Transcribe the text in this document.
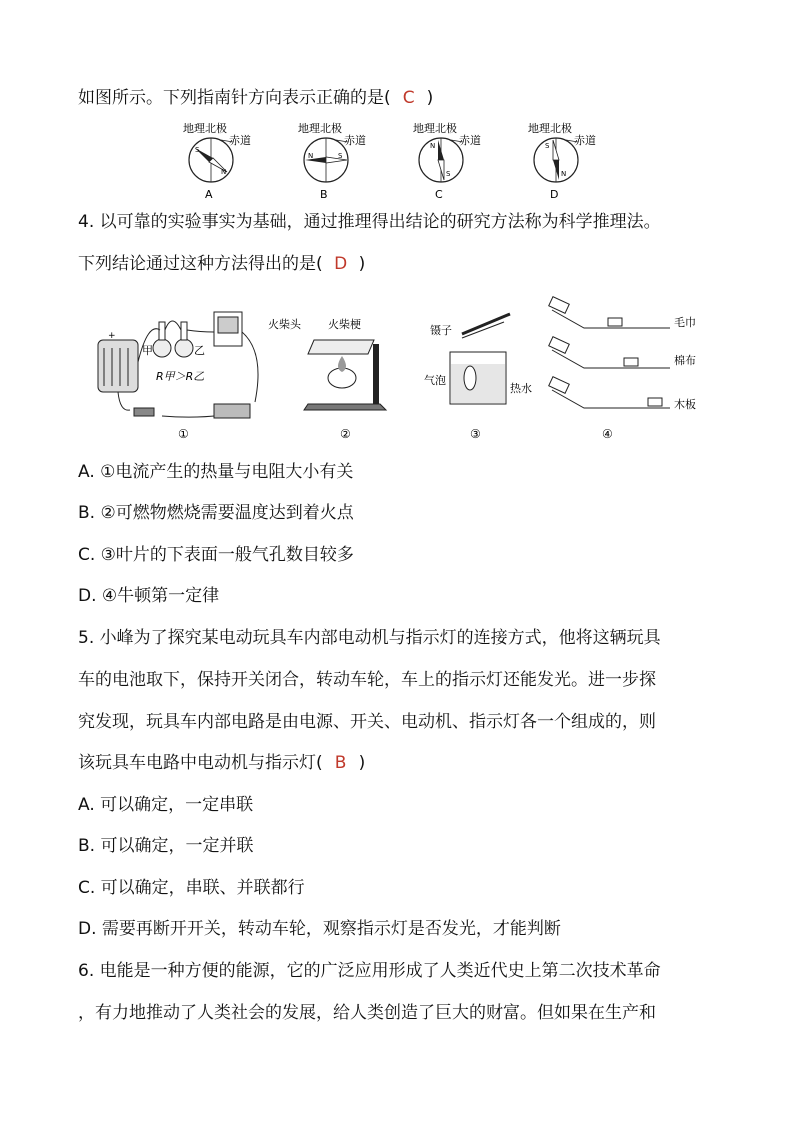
如图所示。下列指南针方向表示正确的是( C )
地理北极
赤道
S
N
A
地理北极
赤道
N	S
B
地理北极
赤道
N
S
C
地理北极
赤道
S
N
D
4. 以可靠的实验事实为基础，通过推理得出结论的研究方法称为科学推理法。
下列结论通过这种方法得出的是( D )
+
甲	乙
R甲＞R乙
①
火柴头 火柴梗
②
镊子
气泡
热水
③
毛巾
棉布
木板
④
A. ①电流产生的热量与电阻大小有关
B. ②可燃物燃烧需要温度达到着火点
C. ③叶片的下表面一般气孔数目较多
D. ④牛顿第一定律
5. 小峰为了探究某电动玩具车内部电动机与指示灯的连接方式，他将这辆玩具
车的电池取下，保持开关闭合，转动车轮，车上的指示灯还能发光。进一步探
究发现，玩具车内部电路是由电源、开关、电动机、指示灯各一个组成的，则
该玩具车电路中电动机与指示灯( B )
A. 可以确定，一定串联
B. 可以确定，一定并联
C. 可以确定，串联、并联都行
D. 需要再断开开关，转动车轮，观察指示灯是否发光，才能判断
6. 电能是一种方便的能源，它的广泛应用形成了人类近代史上第二次技术革命
，有力地推动了人类社会的发展，给人类创造了巨大的财富。但如果在生产和
